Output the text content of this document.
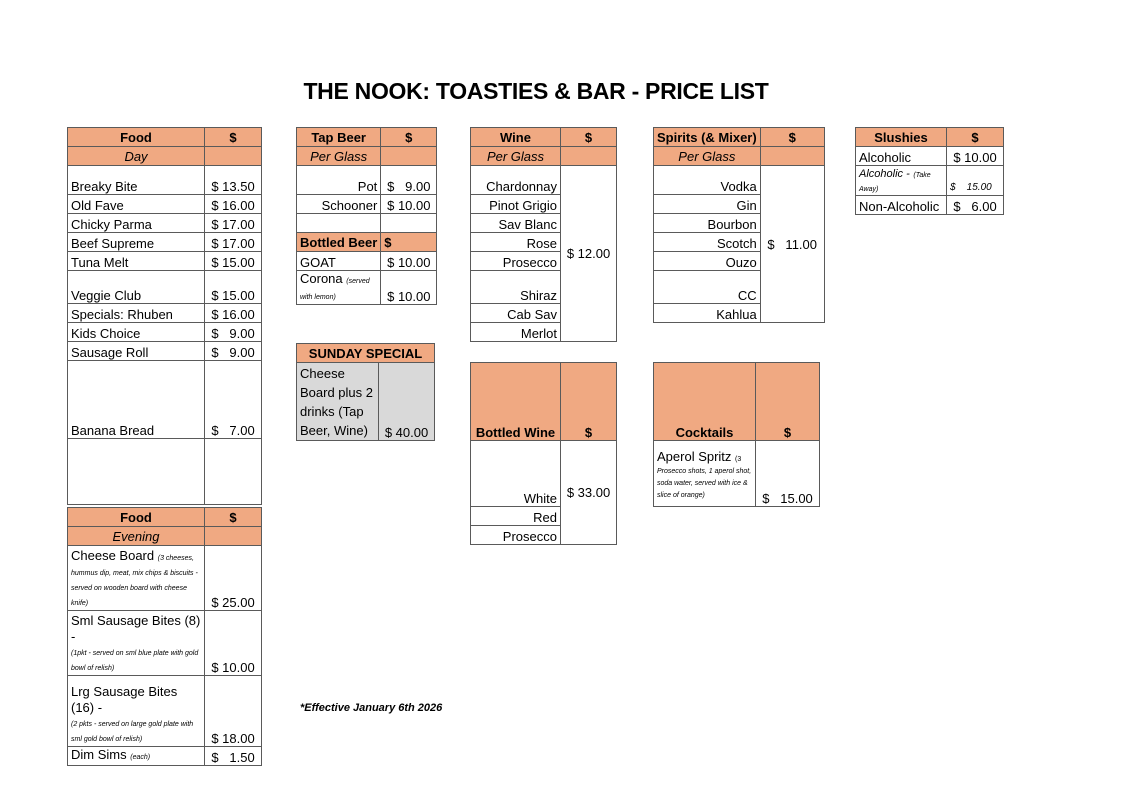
THE NOOK: TOASTIES & BAR - PRICE LIST
Food	$
Day	
Breaky Bite	$ 13.50
Old Fave	$ 16.00
Chicky Parma	$ 17.00
Beef Supreme	$ 17.00
Tuna Melt	$ 15.00
Veggie Club	$ 15.00
Specials: Rhuben	$ 16.00
Kids Choice	$   9.00
Sausage Roll	$   9.00
Banana Bread	$   7.00

Food	$
Evening	
Cheese Board (3 cheeses, hummus dip, meat, mix chips & biscuits - served on wooden board with cheese knife)	$ 25.00

Sml Sausage Bites (8) -
(1pkt - served on sml blue plate with gold bowl of relish)	$ 10.00

Lrg Sausage Bites (16) -
(2 pkts - served on large gold plate with sml gold bowl of relish)	$ 18.00
Dim Sims (each)	$   1.50
Tap Beer	$
Per Glass	
Pot	$   9.00
Schooner	$ 10.00

Bottled Beer	$
GOAT	$ 10.00
Corona (served with lemon)	$ 10.00
SUNDAY SPECIAL
Cheese Board plus 2 drinks (Tap Beer, Wine)	$ 40.00
Wine	$
Per Glass	
Chardonnay	$ 12.00
Pinot Grigio	
Sav Blanc	
Rose	
Prosecco	
Shiraz	
Cab Sav	
Merlot	
Bottled Wine	$
White	$ 33.00
Red	
Prosecco	
Spirits (& Mixer)	$
Per Glass	
Vodka	$   11.00
Gin	
Bourbon	
Scotch	
Ouzo	
CC	
Kahlua	
Cocktails	$
Aperol Spritz (3
Prosecco shots, 1 aperol shot, soda water, served with ice & slice of orange)	$   15.00
Slushies	$
Alcoholic	$ 10.00
Alcoholic - (Take Away)	$    15.00
Non-Alcoholic	$   6.00
*Effective January 6th 2026
